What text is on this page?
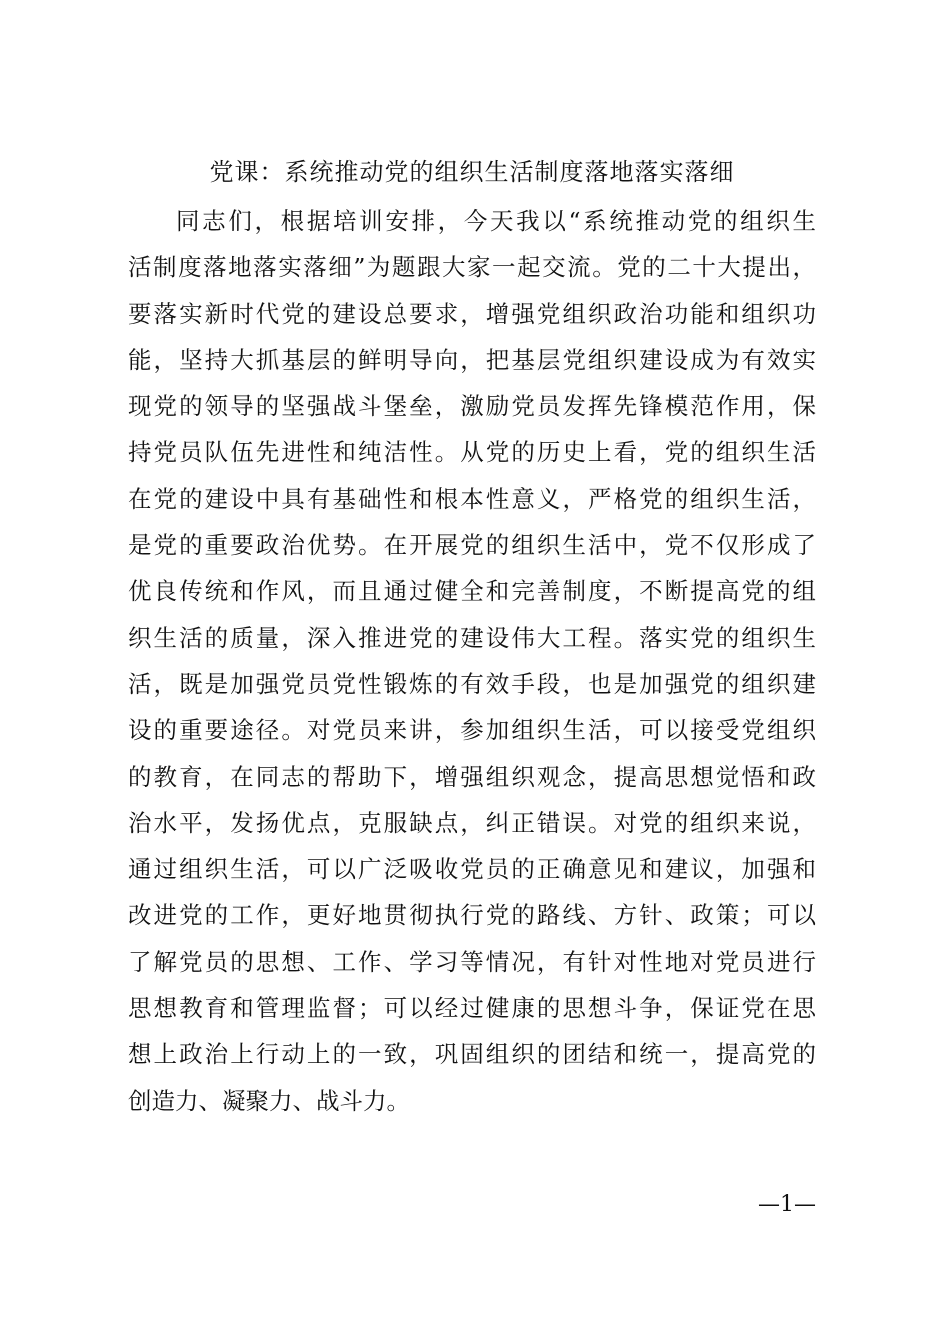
党课：系统推动党的组织生活制度落地落实落细
同志们，根据培训安排，今天我以“系统推动党的组织生
活制度落地落实落细”为题跟大家一起交流。党的二十大提出，
要落实新时代党的建设总要求，增强党组织政治功能和组织功
能，坚持大抓基层的鲜明导向，把基层党组织建设成为有效实
现党的领导的坚强战斗堡垒，激励党员发挥先锋模范作用，保
持党员队伍先进性和纯洁性。从党的历史上看，党的组织生活
在党的建设中具有基础性和根本性意义，严格党的组织生活，
是党的重要政治优势。在开展党的组织生活中，党不仅形成了
优良传统和作风，而且通过健全和完善制度，不断提高党的组
织生活的质量，深入推进党的建设伟大工程。落实党的组织生
活，既是加强党员党性锻炼的有效手段，也是加强党的组织建
设的重要途径。对党员来讲，参加组织生活，可以接受党组织
的教育，在同志的帮助下，增强组织观念，提高思想觉悟和政
治水平，发扬优点，克服缺点，纠正错误。对党的组织来说，
通过组织生活，可以广泛吸收党员的正确意见和建议，加强和
改进党的工作，更好地贯彻执行党的路线、方针、政策；可以
了解党员的思想、工作、学习等情况，有针对性地对党员进行
思想教育和管理监督；可以经过健康的思想斗争，保证党在思
想上政治上行动上的一致，巩固组织的团结和统一，提高党的
创造力、凝聚力、战斗力。
—1—
